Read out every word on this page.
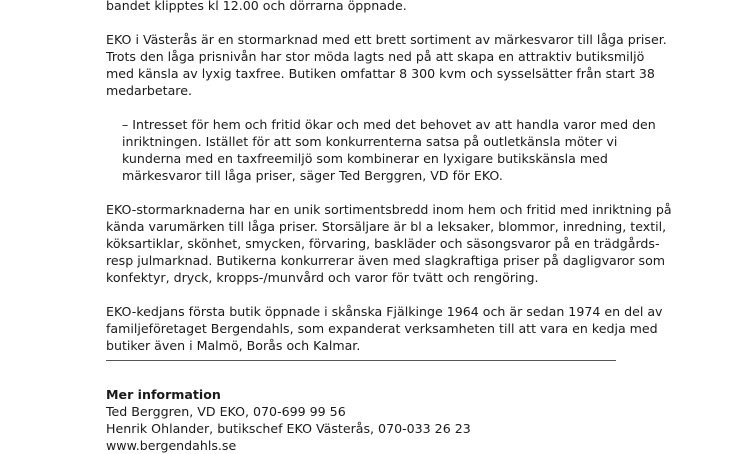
bandet klipptes kl 12.00 och dörrarna öppnade.
EKO i Västerås är en stormarknad med ett brett sortiment av märkesvaror till låga priser.
Trots den låga prisnivån har stor möda lagts ned på att skapa en attraktiv butiksmiljö
med känsla av lyxig taxfree. Butiken omfattar 8 300 kvm och sysselsätter från start 38
medarbetare.
– Intresset för hem och fritid ökar och med det behovet av att handla varor med den
inriktningen. Istället för att som konkurrenterna satsa på outletkänsla möter vi
kunderna med en taxfreemiljö som kombinerar en lyxigare butikskänsla med
märkesvaror till låga priser, säger Ted Berggren, VD för EKO.
EKO-stormarknaderna har en unik sortimentsbredd inom hem och fritid med inriktning på
kända varumärken till låga priser. Storsäljare är bl a leksaker, blommor, inredning, textil,
köksartiklar, skönhet, smycken, förvaring, baskläder och säsongsvaror på en trädgårds-
resp julmarknad. Butikerna konkurrerar även med slagkraftiga priser på dagligvaror som
konfektyr, dryck, kropps-/munvård och varor för tvätt och rengöring.
EKO-kedjans första butik öppnade i skånska Fjälkinge 1964 och är sedan 1974 en del av
familjeföretaget Bergendahls, som expanderat verksamheten till att vara en kedja med
butiker även i Malmö, Borås och Kalmar.
Mer information
Ted Berggren, VD EKO, 070-699 99 56
Henrik Ohlander, butikschef EKO Västerås, 070-033 26 23
www.bergendahls.se
